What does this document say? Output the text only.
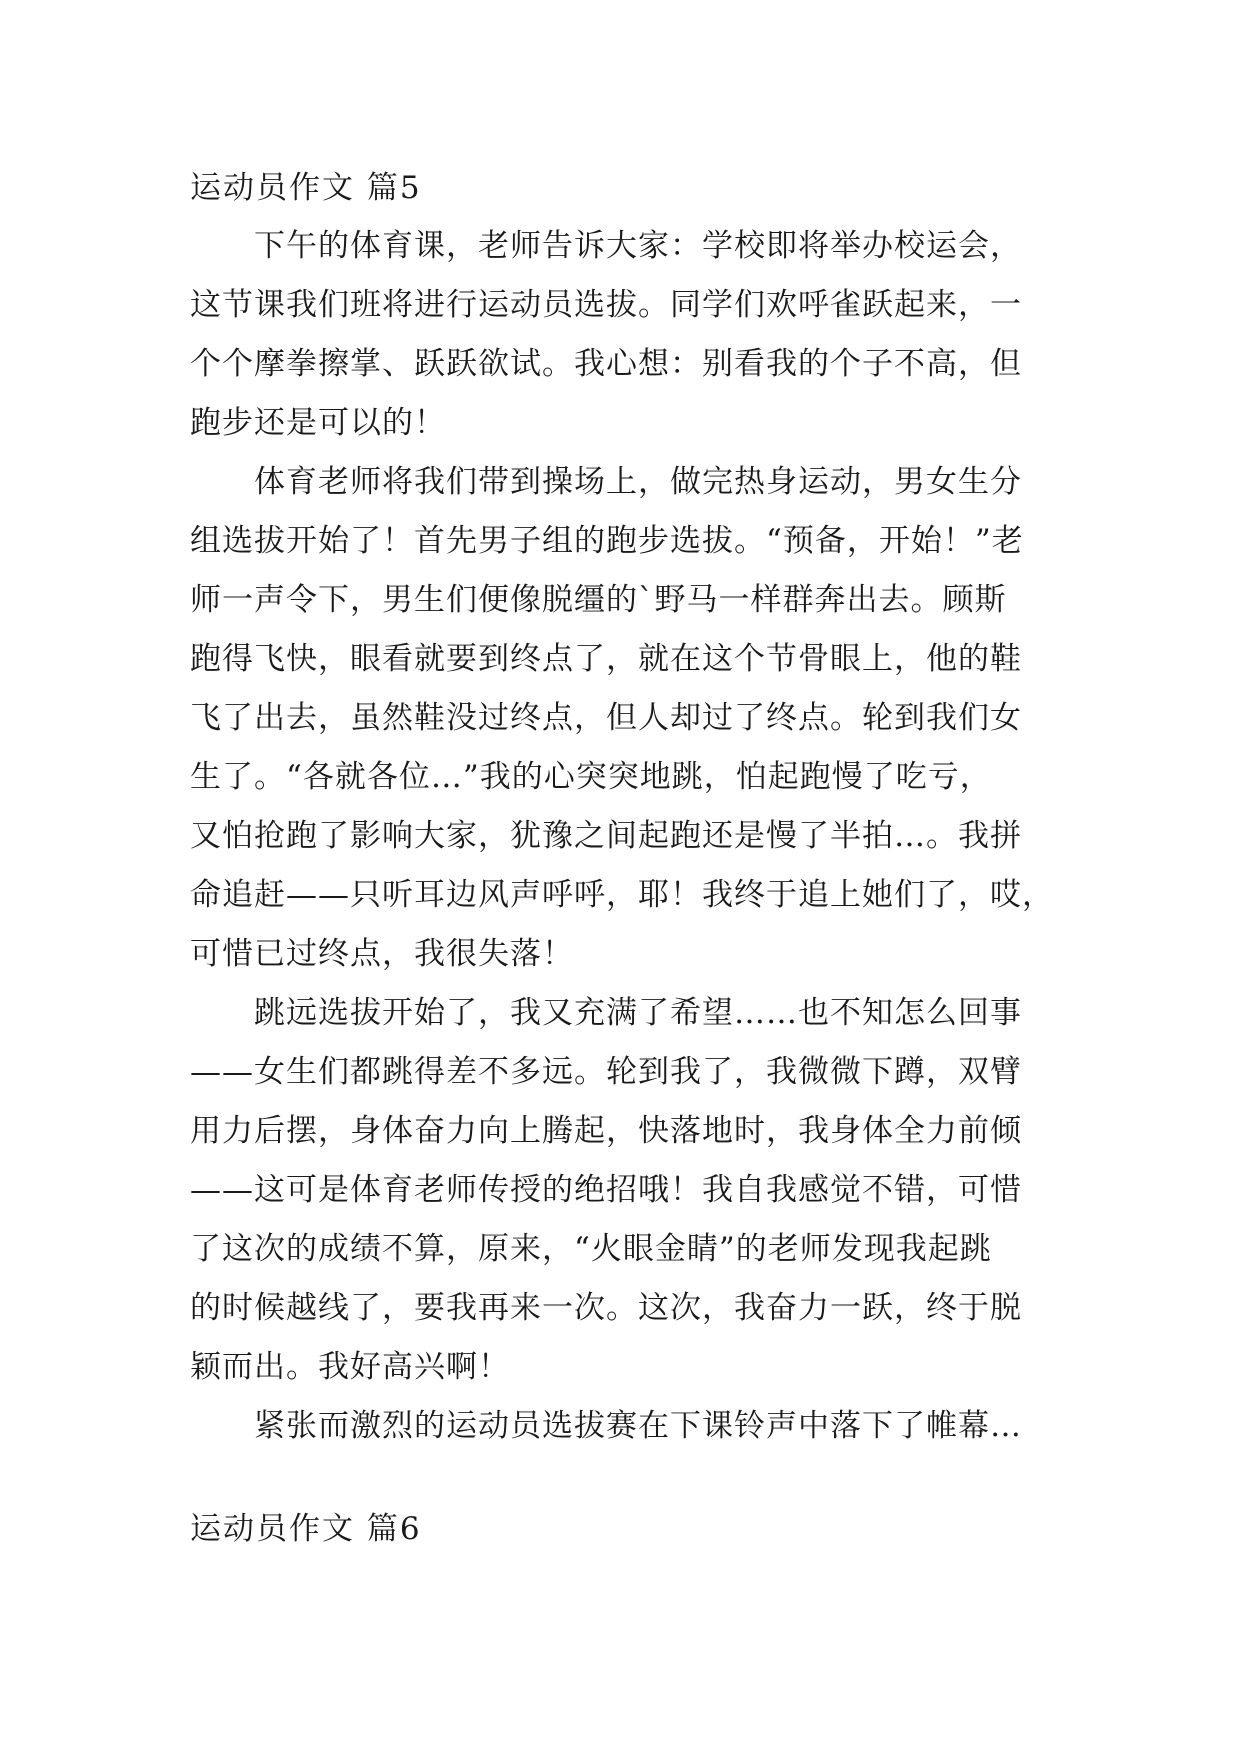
运动员作文 篇5
　　下午的体育课，老师告诉大家：学校即将举办校运会，
这节课我们班将进行运动员选拔。同学们欢呼雀跃起来，一
个个摩拳擦掌、跃跃欲试。我心想：别看我的个子不高，但
跑步还是可以的！
　　体育老师将我们带到操场上，做完热身运动，男女生分
组选拔开始了！首先男子组的跑步选拔。“预备，开始！”老
师一声令下，男生们便像脱缰的`野马一样群奔出去。顾斯
跑得飞快，眼看就要到终点了，就在这个节骨眼上，他的鞋
飞了出去，虽然鞋没过终点，但人却过了终点。轮到我们女
生了。“各就各位…”我的心突突地跳，怕起跑慢了吃亏，
又怕抢跑了影响大家，犹豫之间起跑还是慢了半拍…。我拼
命追赶——只听耳边风声呼呼，耶！我终于追上她们了，哎，
可惜已过终点，我很失落！
　　跳远选拔开始了，我又充满了希望……也不知怎么回事
——女生们都跳得差不多远。轮到我了，我微微下蹲，双臂
用力后摆，身体奋力向上腾起，快落地时，我身体全力前倾
——这可是体育老师传授的绝招哦！我自我感觉不错，可惜
了这次的成绩不算，原来，“火眼金睛”的老师发现我起跳
的时候越线了，要我再来一次。这次，我奋力一跃，终于脱
颖而出。我好高兴啊！
　　紧张而激烈的运动员选拔赛在下课铃声中落下了帷幕…
运动员作文 篇6
